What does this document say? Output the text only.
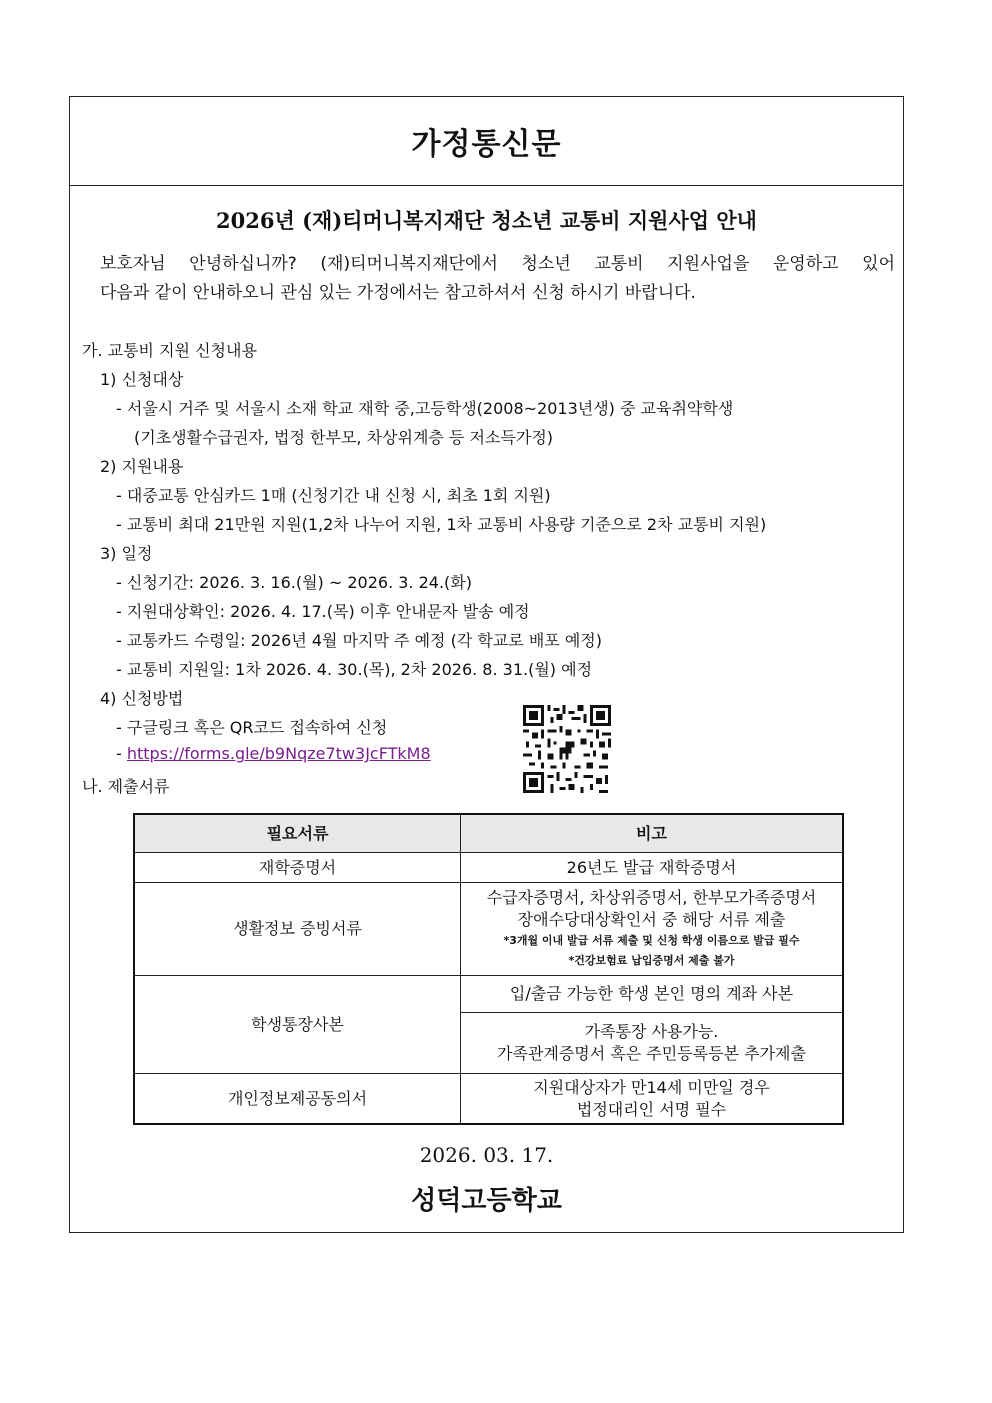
가정통신문
2026년 (재)티머니복지재단 청소년 교통비 지원사업 안내
보호자님 안녕하십니까? (재)티머니복지재단에서 청소년 교통비 지원사업을 운영하고 있어
다음과 같이 안내하오니 관심 있는 가정에서는 참고하셔서 신청 하시기 바랍니다.
가. 교통비 지원 신청내용
1) 신청대상
- 서울시 거주 및 서울시 소재 학교 재학 중,고등학생(2008~2013년생) 중 교육취약학생
(기초생활수급권자, 법정 한부모, 차상위계층 등 저소득가정)
2) 지원내용
- 대중교통 안심카드 1매 (신청기간 내 신청 시, 최초 1회 지원)
- 교통비 최대 21만원 지원(1,2차 나누어 지원, 1차 교통비 사용량 기준으로 2차 교통비 지원)
3) 일정
- 신청기간: 2026. 3. 16.(월) ~ 2026. 3. 24.(화)
- 지원대상확인: 2026. 4. 17.(목) 이후 안내문자 발송 예정
- 교통카드 수령일: 2026년 4월 마지막 주 예정 (각 학교로 배포 예정)
- 교통비 지원일: 1차 2026. 4. 30.(목), 2차 2026. 8. 31.(월) 예정
4) 신청방법
- 구글링크 혹은 QR코드 접속하여 신청
- https://forms.gle/b9Nqze7tw3JcFTkM8
나. 제출서류
필요서류	비고
재학증명서	26년도 발급 재학증명서
생활정보 증빙서류	수급자증명서, 차상위증명서, 한부모가족증명서
장애수당대상확인서 중 해당 서류 제출
*3개월 이내 발급 서류 제출 및 신청 학생 이름으로 발급 필수
*건강보험료 납입증명서 제출 불가

학생통장사본	입/출금 가능한 학생 본인 명의 계좌 사본

	가족통장 사용가능.
가족관계증명서 혹은 주민등록등본 추가제출

개인정보제공동의서	지원대상자가 만14세 미만일 경우
법정대리인 서명 필수
2026. 03. 17.
성덕고등학교
